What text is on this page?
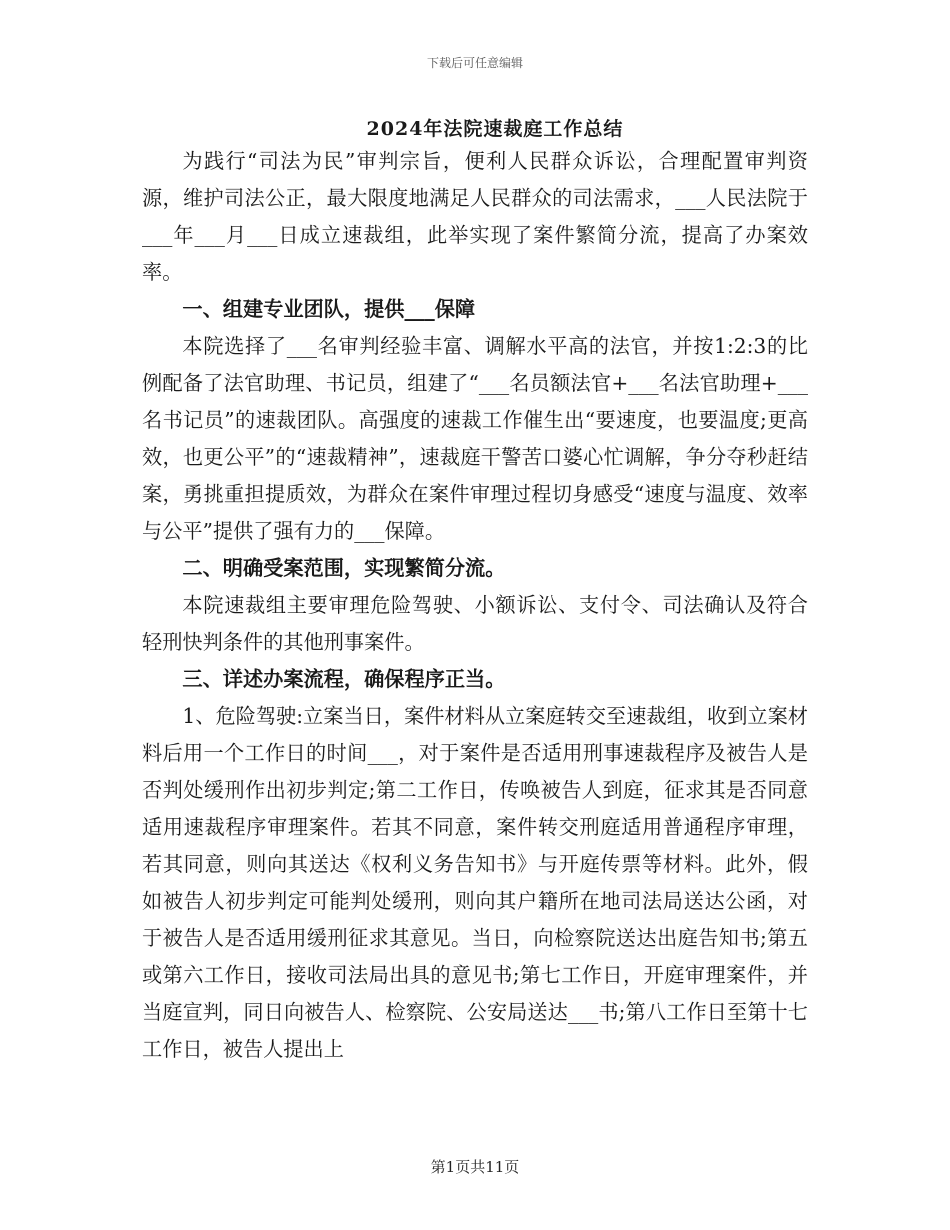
下载后可任意编辑
2024年法院速裁庭工作总结

为践行“司法为民”审判宗旨，便利人民群众诉讼，合理配置审判资源，维护司法公正，最大限度地满足人民群众的司法需求，___人民法院于___年___月___日成立速裁组，此举实现了案件繁简分流，提高了办案效率。

一、组建专业团队，提供___保障

本院选择了___名审判经验丰富、调解水平高的法官，并按1:2:3的比例配备了法官助理、书记员，组建了“___名员额法官+___名法官助理+___名书记员”的速裁团队。高强度的速裁工作催生出“要速度，也要温度;更高效，也更公平”的“速裁精神”，速裁庭干警苦口婆心忙调解，争分夺秒赶结案，勇挑重担提质效，为群众在案件审理过程切身感受“速度与温度、效率与公平”提供了强有力的___保障。

二、明确受案范围，实现繁简分流。

本院速裁组主要审理危险驾驶、小额诉讼、支付令、司法确认及符合轻刑快判条件的其他刑事案件。

三、详述办案流程，确保程序正当。

1、危险驾驶:立案当日，案件材料从立案庭转交至速裁组，收到立案材料后用一个工作日的时间___，对于案件是否适用刑事速裁程序及被告人是否判处缓刑作出初步判定;第二工作日，传唤被告人到庭，征求其是否同意适用速裁程序审理案件。若其不同意，案件转交刑庭适用普通程序审理，若其同意，则向其送达《权利义务告知书》与开庭传票等材料。此外，假如被告人初步判定可能判处缓刑，则向其户籍所在地司法局送达公函，对于被告人是否适用缓刑征求其意见。当日，向检察院送达出庭告知书;第五或第六工作日，接收司法局出具的意见书;第七工作日，开庭审理案件，并当庭宣判，同日向被告人、检察院、公安局送达___书;第八工作日至第十七工作日，被告人提出上

第1页共11页
